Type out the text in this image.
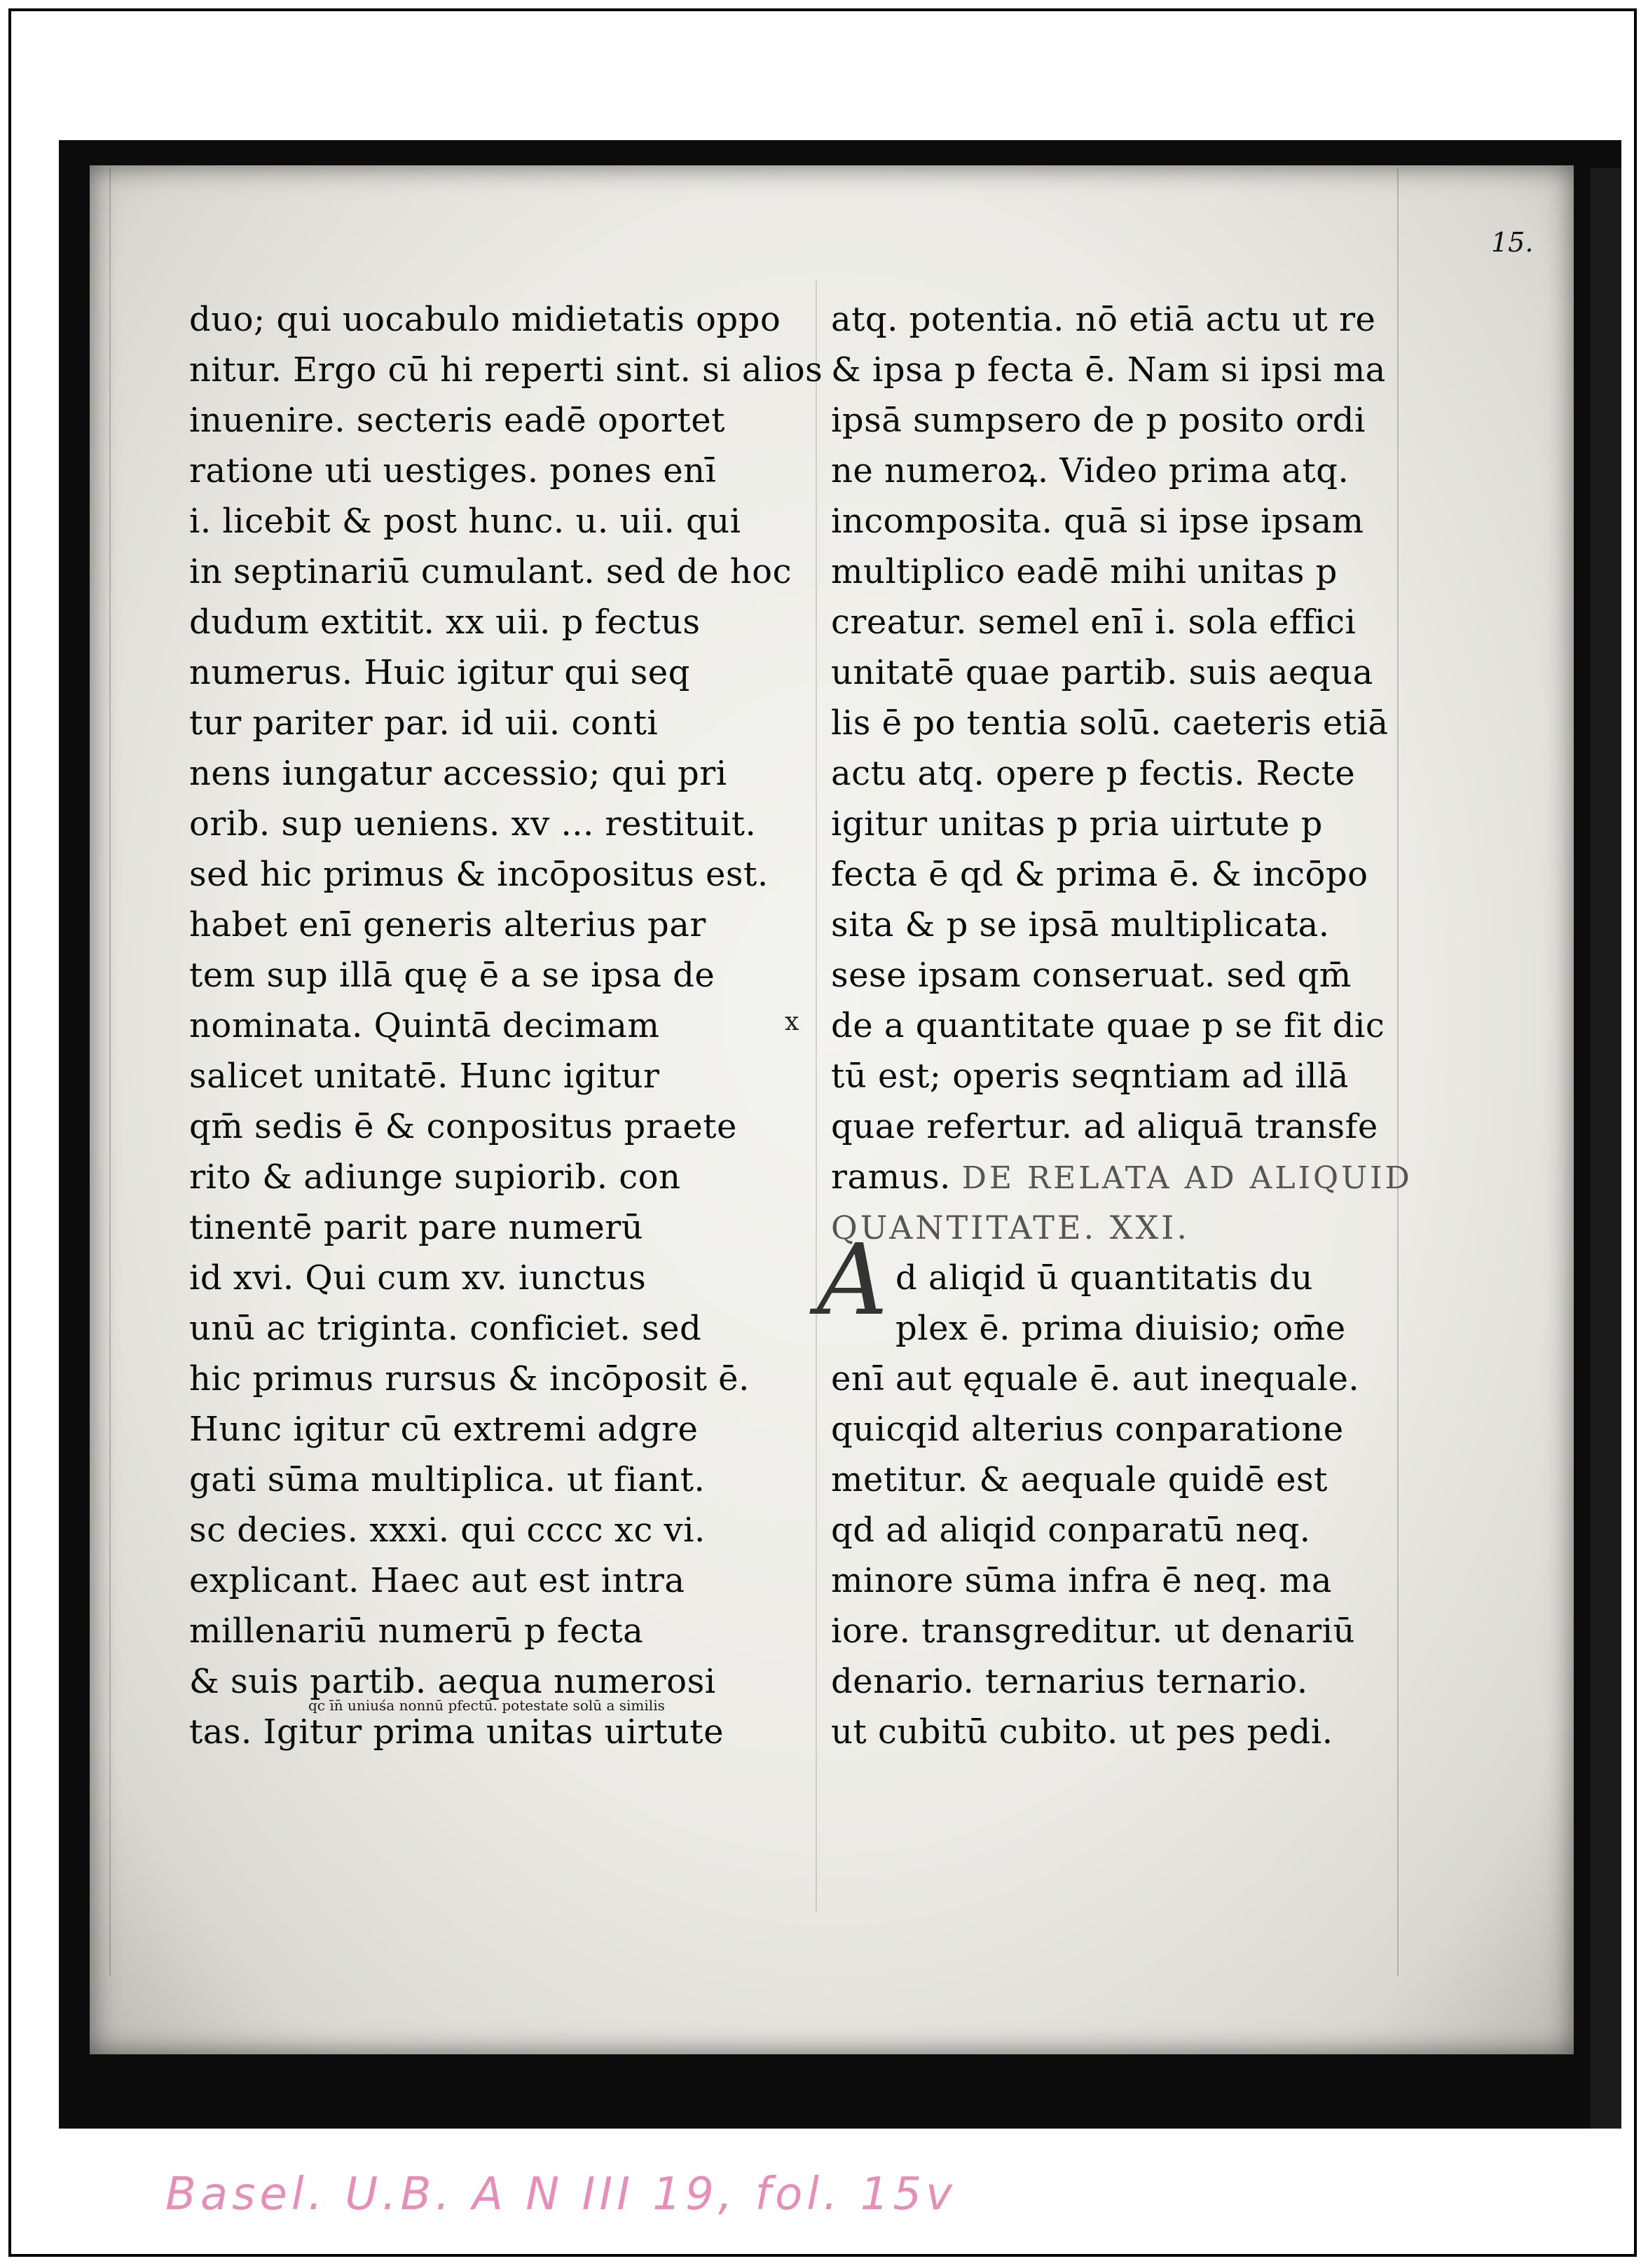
15.
duo; qui uocabulo midietatis oppo
nitur. Ergo cū hi reperti sint. si alios
inuenire. secteris eadē oportet
ratione uti uestiges. pones enī
i. licebit & post hunc. u. uii. qui
in septinariū cumulant. sed de hoc
dudum extitit. xx uii. p fectus
numerus. Huic igitur qui seq
tur pariter par. id uii. conti
nens iungatur accessio; qui pri
orib. sup ueniens. xv ... restituit.
sed hic primus & incōpositus est.
habet enī generis alterius par
tem sup illā quę ē a se ipsa de
nominata. Quintā decimam
salicet unitatē. Hunc igitur
qm̄ sedis ē & conpositus praete
rito & adiunge supiorib. con
tinentē parit pare numerū
id xvi. Qui cum xv. iunctus
unū ac triginta. conficiet. sed
hic primus rursus & incōposit ē.
Hunc igitur cū extremi adgre
gati sūma multiplica. ut fiant.
sc decies. xxxi. qui cccc xc vi.
explicant. Haec aut est intra
millenariū numerū p fecta
& suis partib. aequa numerosi
qc īn̄ uniuśa nonnū pfectū. potestate solū a similis
tas. Igitur prima unitas uirtute
atq. potentia. nō etiā actu ut re
& ipsa p fecta ē. Nam si ipsi ma
ipsā sumpsero de p posito ordi
ne numeroꝝ. Video prima atq.
incomposita. quā si ipse ipsam
multiplico eadē mihi unitas p
creatur. semel enī i. sola effici
unitatē quae partib. suis aequa
lis ē po tentia solū. caeteris etiā
actu atq. opere p fectis. Recte
igitur unitas p pria uirtute p
fecta ē qd & prima ē. & incōpo
sita & p se ipsā multiplicata.
sese ipsam conseruat. sed qm̄
de a quantitate quae p se fit dic
tū est; operis seqntiam ad illā
quae refertur. ad aliquā transfe
ramus. DE RELATA AD ALIQUID
QUANTITATE. XXI.
A d aliqid ū quantitatis du
plex ē. prima diuisio; om̄e
enī aut ęquale ē. aut inequale.
quicqid alterius conparatione
metitur. & aequale quidē est
qd ad aliqid conparatū neq.
minore sūma infra ē neq. ma
iore. transgreditur. ut denariū
denario. ternarius ternario.
ut cubitū cubito. ut pes pedi.
x
Basel. U.B. A N III 19, fol. 15v
